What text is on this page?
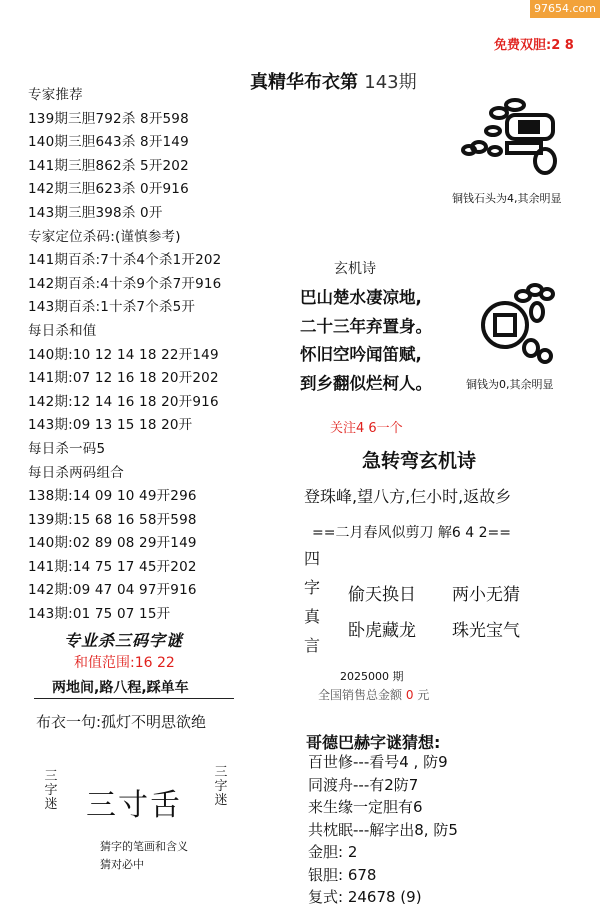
97654.com
免费双胆:2 8
真精华布衣第 143期
专家推荐
139期三胆792杀 8开598
140期三胆643杀 8开149
141期三胆862杀 5开202
142期三胆623杀 0开916
143期三胆398杀 0开
专家定位杀码:(谨慎参考)
141期百杀:7十杀4个杀1开202
142期百杀:4十杀9个杀7开916
143期百杀:1十杀7个杀5开
每日杀和值
140期:10 12 14 18 22开149
141期:07 12 16 18 20开202
142期:12 14 16 18 20开916
143期:09 13 15 18 20开
每日杀一码5
每日杀两码组合
138期:14 09 10 49开296
139期:15 68 16 58开598
140期:02 89 08 29开149
141期:14 75 17 45开202
142期:09 47 04 97开916
143期:01 75 07 15开
专业杀三码字谜
和值范围:16 22
两地间,路八程,踩单车
布衣一句:孤灯不明思欲绝
三字迷 三寸舌
三字迷
猜字的笔画和含义
猜对必中
铜钱石头为4,其余明显
铜钱为0,其余明显
玄机诗
巴山楚水凄凉地,
二十三年弃置身。
怀旧空吟闻笛赋,
到乡翻似烂柯人。
关注4 6一个
急转弯玄机诗
登珠峰,望八方,仨小时,返故乡
==二月春风似剪刀 解6 4 2==
四
字
真
言
偷天换日 两小无猜
卧虎藏龙 珠光宝气
2025000 期
全国销售总金额 0 元
哥德巴赫字谜猜想:
百世修---看号4 , 防9
同渡舟---有2防7
来生缘一定胆有6
共枕眠---解字出8, 防5
金胆: 2
银胆: 678
复式: 24678 (9)
